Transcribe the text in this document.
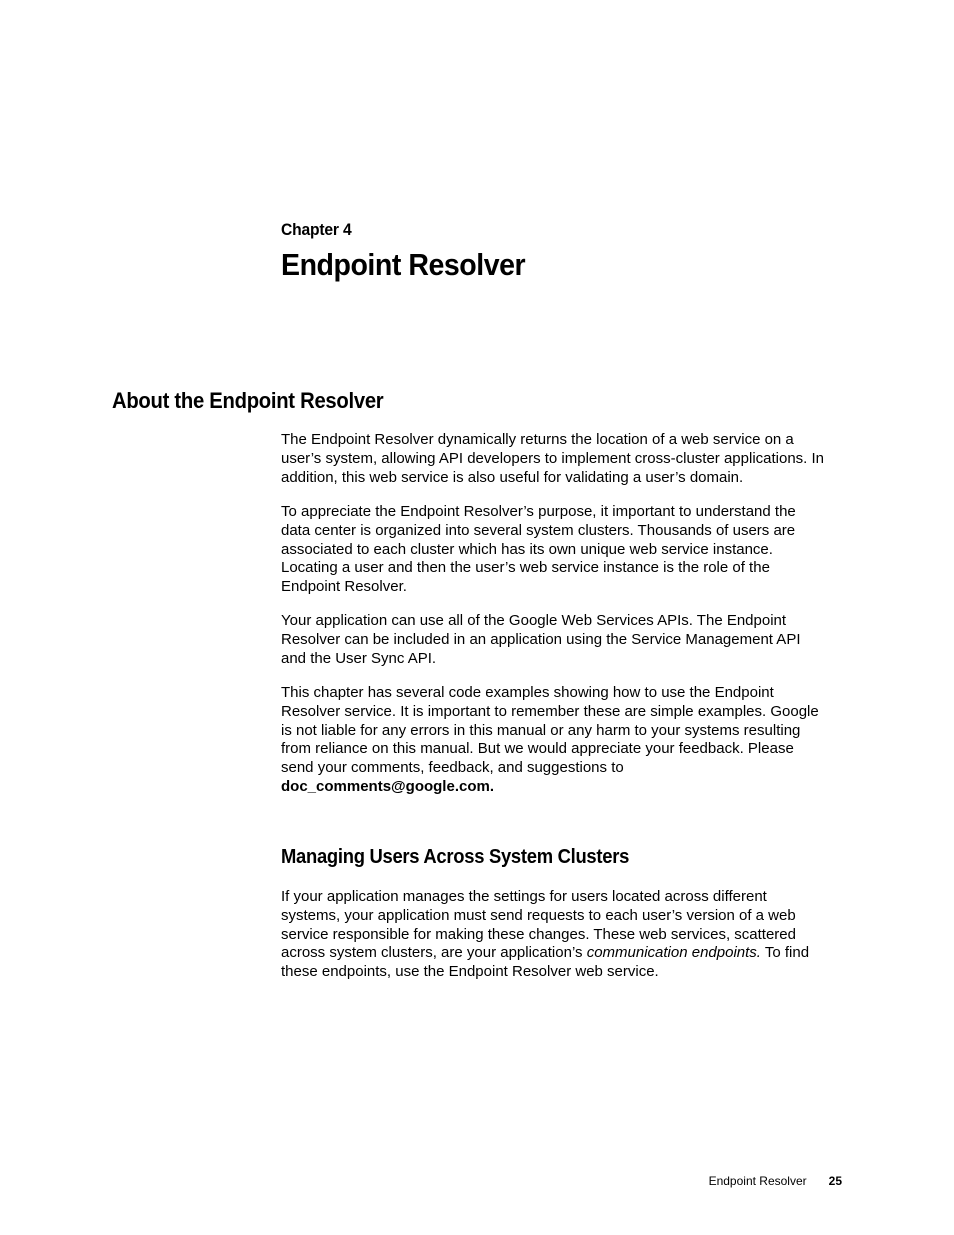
Chapter 4
Endpoint Resolver
About the Endpoint Resolver

The Endpoint Resolver dynamically returns the location of a web service on a
user’s system, allowing API developers to implement cross-cluster applications. In
addition, this web service is also useful for validating a user’s domain.

To appreciate the Endpoint Resolver’s purpose, it important to understand the
data center is organized into several system clusters. Thousands of users are
associated to each cluster which has its own unique web service instance.
Locating a user and then the user’s web service instance is the role of the
Endpoint Resolver.

Your application can use all of the Google Web Services APIs. The Endpoint
Resolver can be included in an application using the Service Management API
and the User Sync API.

This chapter has several code examples showing how to use the Endpoint
Resolver service. It is important to remember these are simple examples. Google
is not liable for any errors in this manual or any harm to your systems resulting
from reliance on this manual. But we would appreciate your feedback. Please
send your comments, feedback, and suggestions to
doc_comments@google.com.

Managing Users Across System Clusters

If your application manages the settings for users located across different
systems, your application must send requests to each user’s version of a web
service responsible for making these changes. These web services, scattered
across system clusters, are your application’s communication endpoints. To find
these endpoints, use the Endpoint Resolver web service.

Endpoint Resolver 25
